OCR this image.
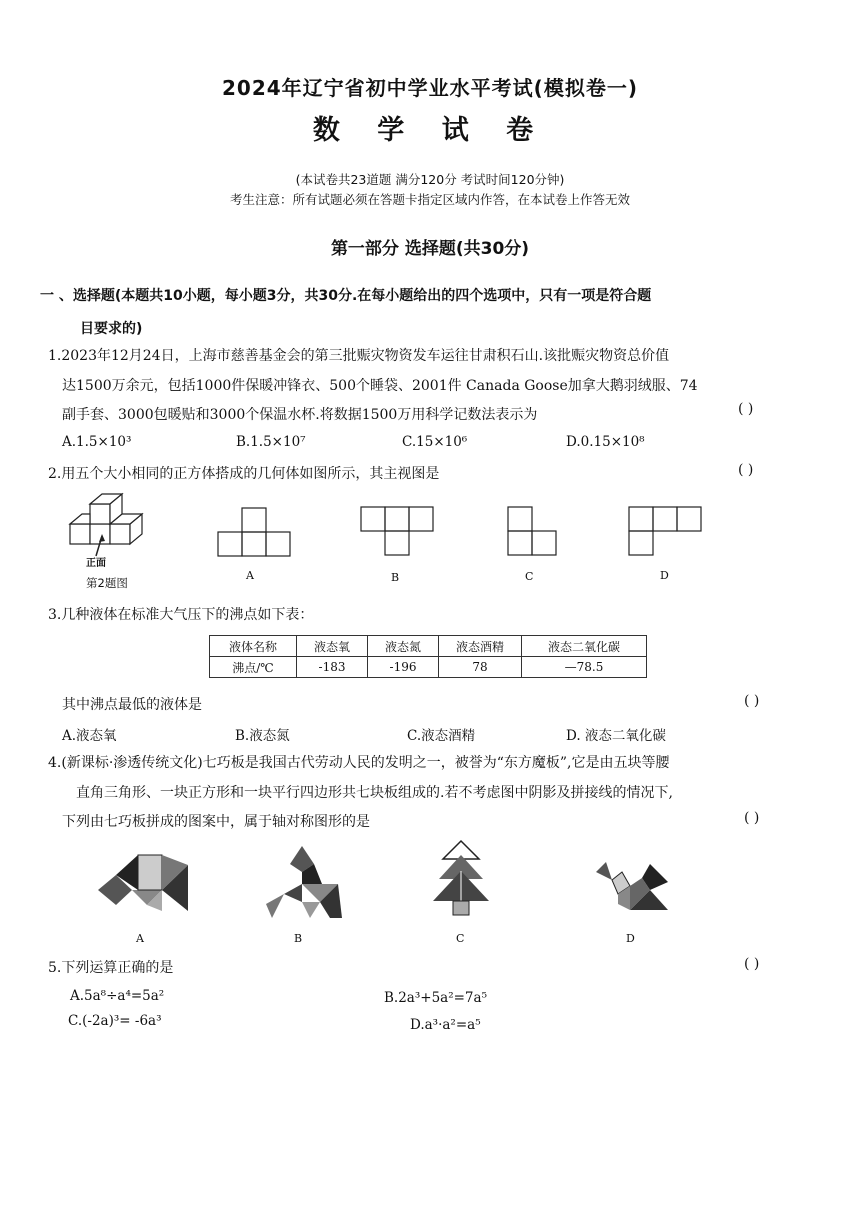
2024年辽宁省初中学业水平考试(模拟卷一)
数 学 试 卷
(本试卷共23道题 满分120分 考试时间120分钟)
考生注意：所有试题必须在答题卡指定区域内作答，在本试卷上作答无效
第一部分 选择题(共30分)
一 、选择题(本题共10小题，每小题3分，共30分.在每小题给出的四个选项中，只有一项是符合题
目要求的)
1.2023年12月24日，上海市慈善基金会的第三批赈灾物资发车运往甘肃积石山.该批赈灾物资总价值
达1500万余元，包括1000件保暖冲锋衣、500个睡袋、2001件 Canada Goose加拿大鹅羽绒服、74
副手套、3000包暖贴和3000个保温水杯.将数据1500万用科学记数法表示为	( )
A.1.5×10³	B.1.5×10⁷	C.15×10⁶	D.0.15×10⁸
2.用五个大小相同的正方体搭成的几何体如图所示，其主视图是	( )
正面
第2题图
A	B	C	D
3.几种液体在标准大气压下的沸点如下表：
液体名称	液态氧	液态氮	液态酒精	液态二氧化碳
沸点/℃	-183	-196	78	—78.5
其中沸点最低的液体是	( )
A.液态氧	B.液态氮	C.液态酒精	D. 液态二氧化碳
4.(新课标·渗透传统文化)七巧板是我国古代劳动人民的发明之一，被誉为“东方魔板”,它是由五块等腰
直角三角形、一块正方形和一块平行四边形共七块板组成的.若不考虑图中阴影及拼接线的情况下,
下列由七巧板拼成的图案中，属于轴对称图形的是	( )
A	B	C	D
5.下列运算正确的是	( )
A.5a⁸÷a⁴=5a²	B.2a³+5a²=7a⁵
C.(-2a)³= -6a³	D.a³·a²=a⁵
